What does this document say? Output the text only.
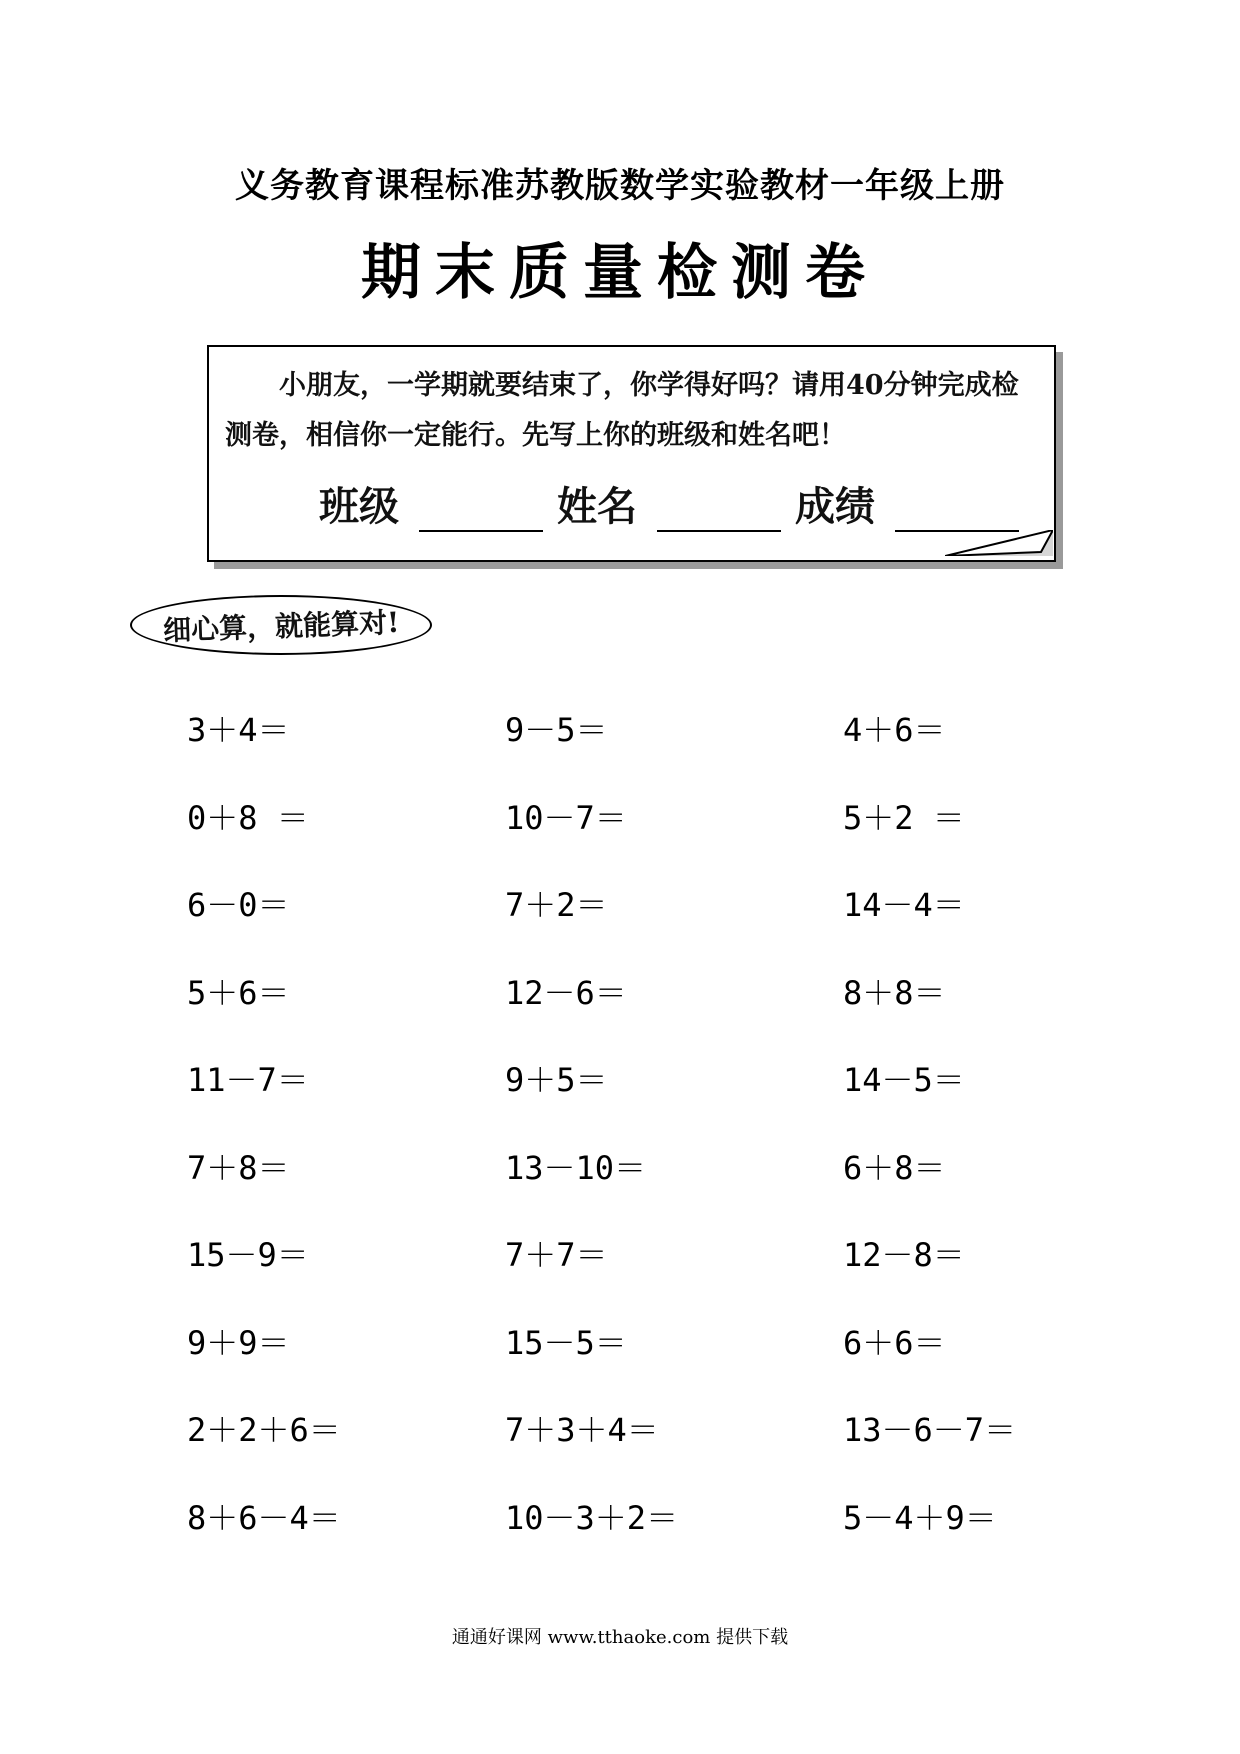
义务教育课程标准苏教版数学实验教材一年级上册
期末质量检测卷
小朋友，一学期就要结束了，你学得好吗？请用40分钟完成检测卷，相信你一定能行。先写上你的班级和姓名吧！
班级	姓名	成绩
细心算，就能算对!
3＋4＝	9－5＝	4＋6＝
0＋8 ＝	10－7＝	5＋2 ＝
6－0＝	7＋2＝	14－4＝
5＋6＝	12－6＝	8＋8＝
11－7＝	9＋5＝	14－5＝
7＋8＝	13－10＝	6＋8＝
15－9＝	7＋7＝	12－8＝
9＋9＝	15－5＝	6＋6＝
2＋2＋6＝	7＋3＋4＝	13－6－7＝
8＋6－4＝	10－3＋2＝	5－4＋9＝
通通好课网 www.tthaoke.com 提供下载
